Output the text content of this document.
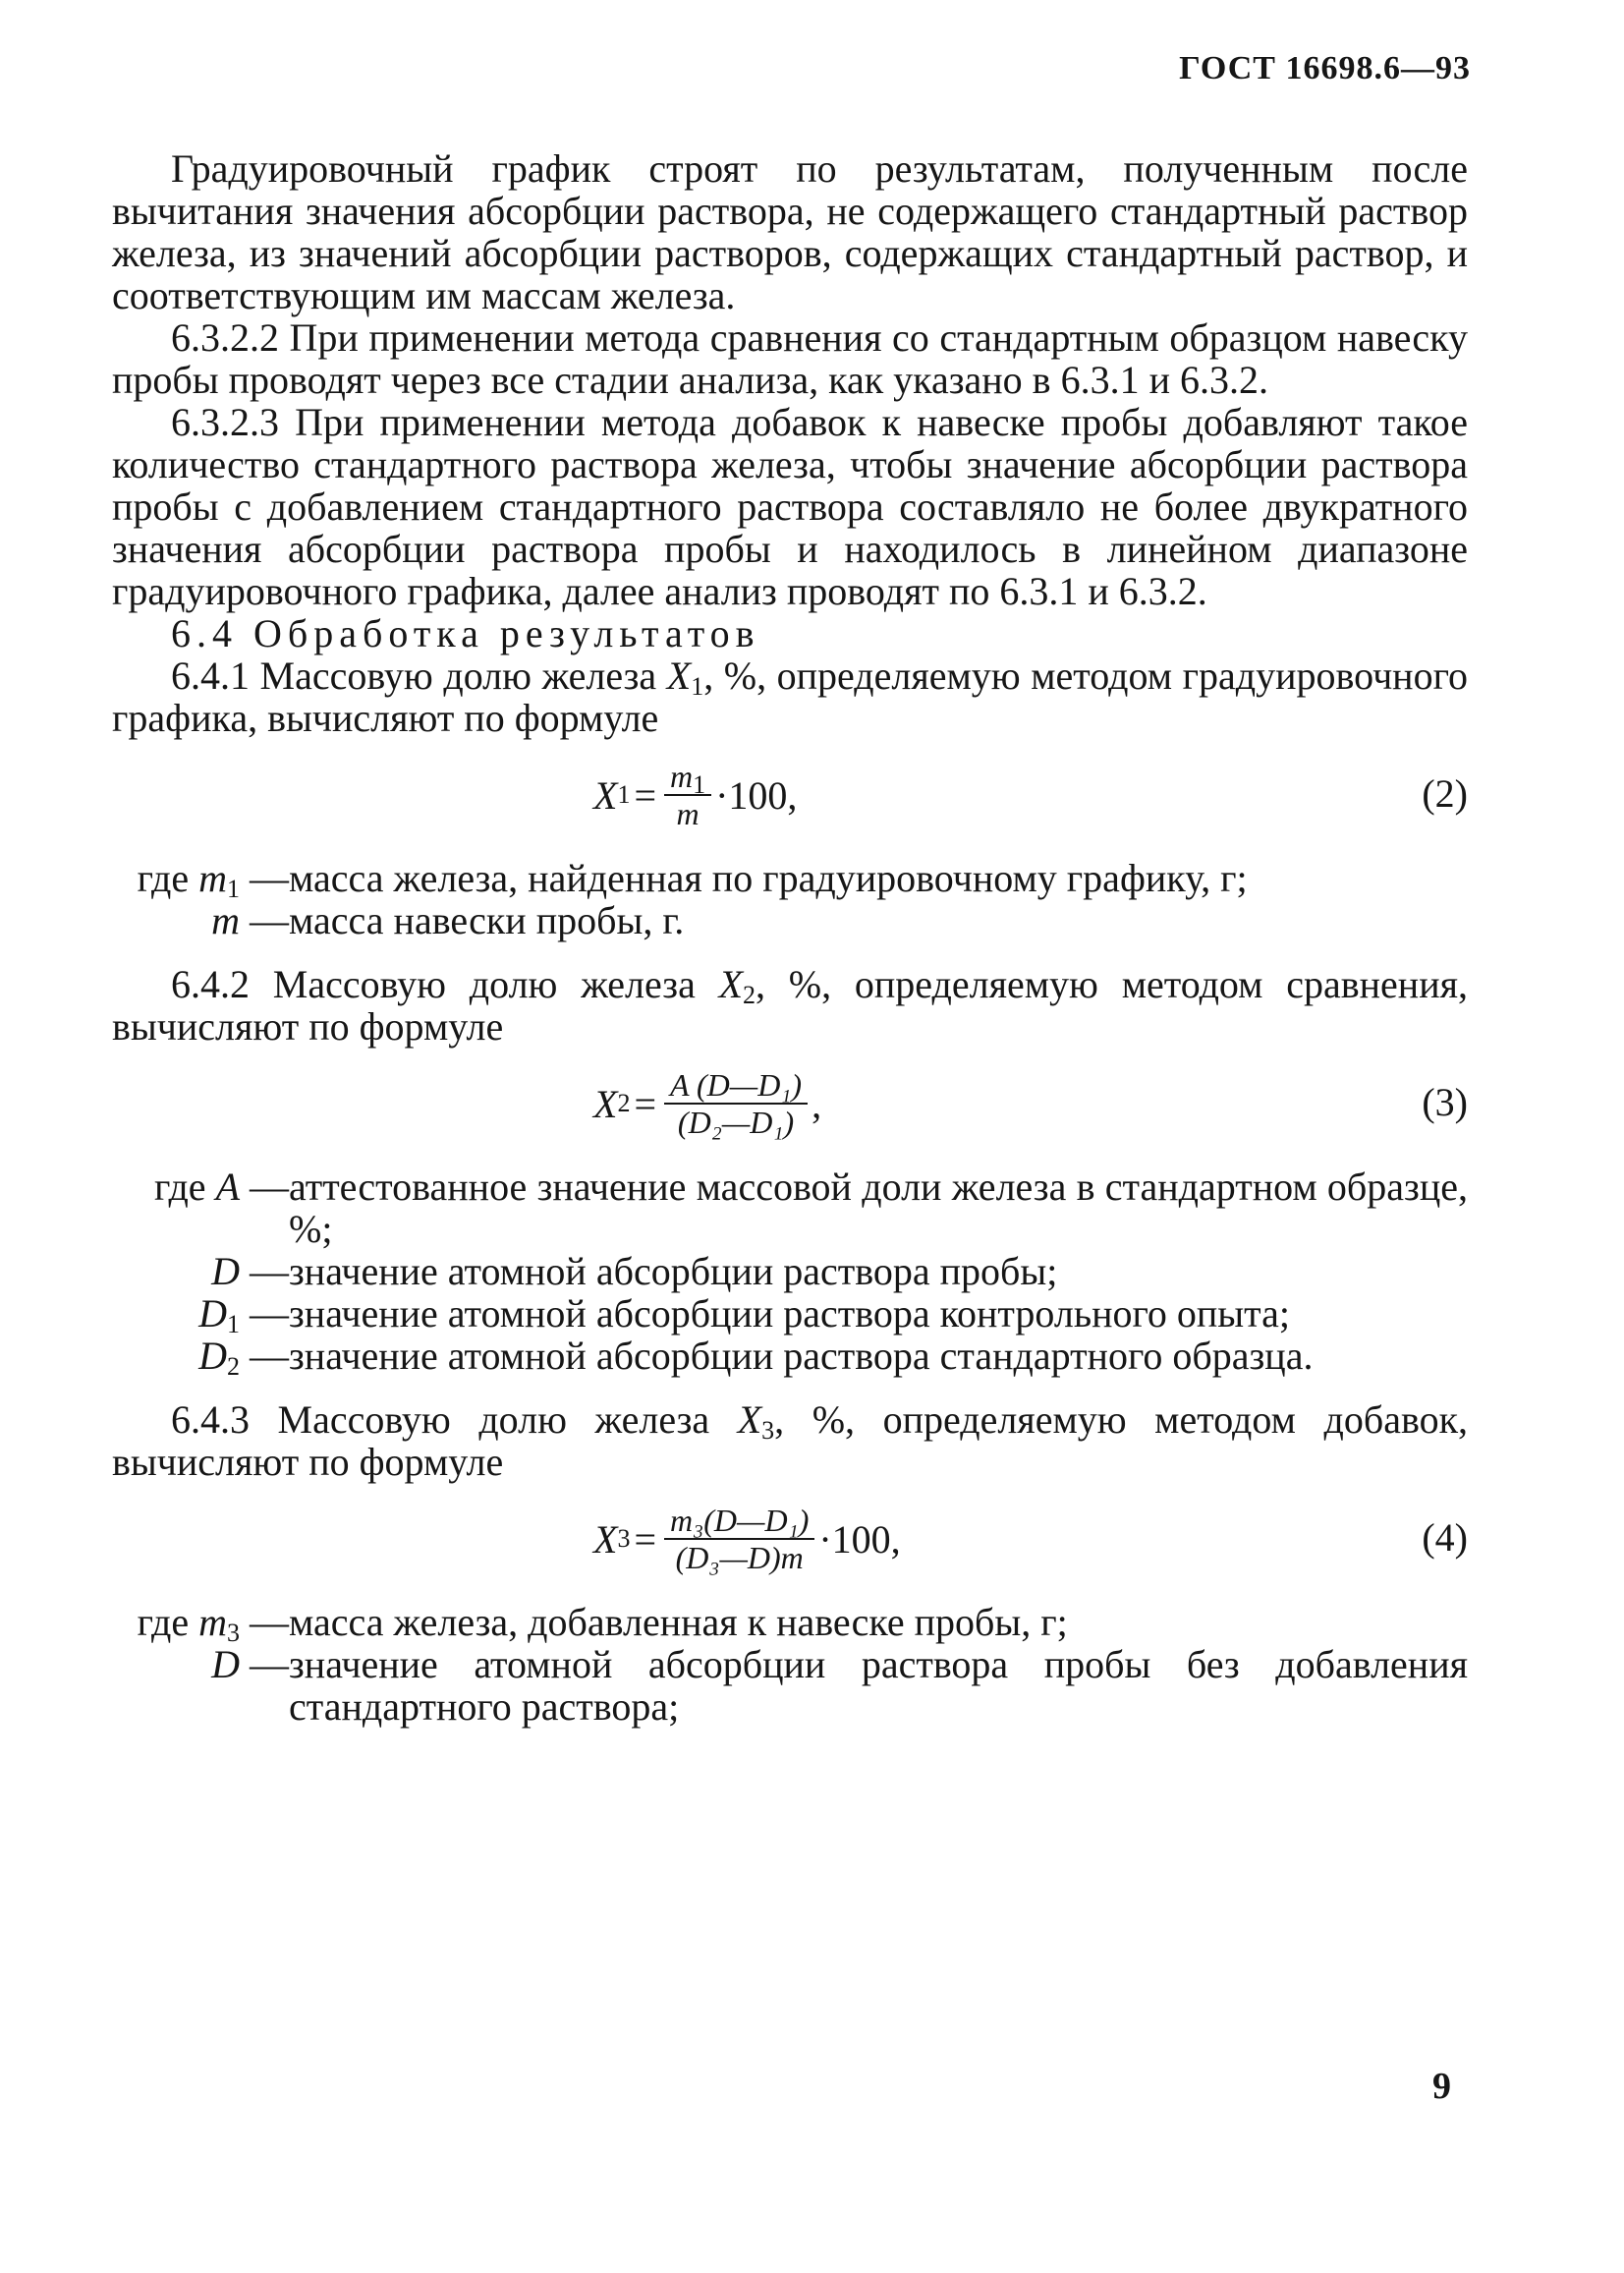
ГОСТ 16698.6—93

Градуировочный график строят по результатам, полученным после вычитания значения абсорбции раствора, не содержащего стандартный раствор железа, из значений абсорбции растворов, содержащих стандартный раствор, и соответствующим им массам железа.

6.3.2.2 При применении метода сравнения со стандартным образцом навеску пробы проводят через все стадии анализа, как указано в 6.3.1 и 6.3.2.

6.3.2.3 При применении метода добавок к навеске пробы добавляют такое количество стандартного раствора железа, чтобы значение абсорбции раствора пробы с добавлением стандартного раствора составляло не более двукратного значения абсорбции раствора пробы и находилось в линейном диапазоне градуировочного графика, далее анализ проводят по 6.3.1 и 6.3.2.

6.4 Обработка результатов

6.4.1 Массовую долю железа $X_1$, %, определяемую методом градуировочного графика, вычисляют по формуле

X $1 = \frac{m_1}{m} \cdot 100$,	(2)
где $m_1$ — масса железа, найденная по градуировочному графику, г;
m — масса навески пробы, г.

6.4.2 Массовую долю железа $X_2$, %, определяемую методом сравнения, вычисляют по формуле

X $2 = \frac{\text{A (D—D₁)}}{\text{(D₂—D₁)}}$ ,	(3)
где A — аттестованное значение массовой доли железа в стандартном образце, %;
D — значение атомной абсорбции раствора пробы;
$D_1$ — значение атомной абсорбции раствора контрольного опыта;
$D_2$ — значение атомной абсорбции раствора стандартного образца.

6.4.3 Массовую долю железа $X_3$, %, определяемую методом добавок, вычисляют по формуле

X $3 = \frac{\text{m₃(D—D₁)}}{\text{(D₃—D)m}} \cdot 100$,	(4)
где $m_3$ — масса железа, добавленная к навеске пробы, г;
D — значение атомной абсорбции раствора пробы без добавления стандартного раствора;
9
